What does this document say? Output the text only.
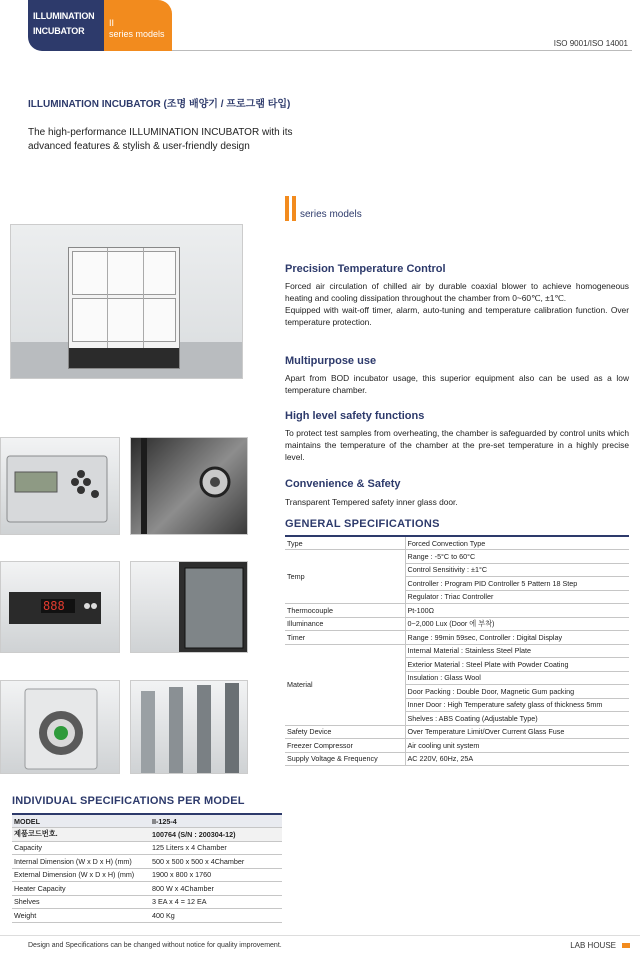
ILLUMINATION
INCUBATOR
II
series models
ISO 9001/ISO 14001
ILLUMINATION INCUBATOR (조명 배양기 / 프로그램 타입)
The high-performance ILLUMINATION INCUBATOR with its
advanced features & stylish & user-friendly design
series models
888
Precision Temperature Control
Forced air circulation of chilled air by durable coaxial blower to achieve homogeneous heating and cooling dissipation throughout the chamber from 0~60℃, ±1℃.
Equipped with wait-off timer, alarm, auto-tuning and temperature calibration function. Over temperature protection.
Multipurpose use
Apart from BOD incubator usage, this superior equipment also can be used as a low temperature chamber.
High level safety functions
To protect test samples from overheating, the chamber is safeguarded by control units which maintains the temperature of the chamber at the pre-set temperature in a highly precise level.
Convenience & Safety
Transparent Tempered safety inner glass door.
GENERAL SPECIFICATIONS
Type	Forced Convection Type
Temp	Range : -5°C to 60°C
	Control Sensitivity : ±1°C
	Controller : Program PID Controller 5 Pattern 18 Step
	Regulator : Triac Controller
Thermocouple	Pt-100Ω
Illuminance	0~2,000 Lux (Door 에 부착)
Timer	Range : 99min 59sec, Controller : Digital Display
Material	Internal Material : Stainless Steel Plate
	Exterior Material : Steel Plate with Powder Coating
	Insulation : Glass Wool
	Door Packing : Double Door, Magnetic Gum packing
	Inner Door : High Temperature safety glass of thickness 5mm
	Shelves : ABS Coating (Adjustable Type)
Safety Device	Over Temperature Limit/Over Current Glass Fuse
Freezer Compressor	Air cooling unit system
Supply Voltage & Frequency	AC 220V, 60Hz, 25A
INDIVIDUAL SPECIFICATIONS PER MODEL
MODEL	II-125-4
제품코드번호.	100764 (S/N : 200304-12)
Capacity	125 Liters x 4 Chamber
Internal Dimension (W x D x H) (mm)	500 x 500 x 500 x 4Chamber
External Dimension (W x D x H) (mm)	1900 x 800 x 1760
Heater Capacity	800 W x 4Chamber
Shelves	3 EA x 4 = 12 EA
Weight	400 Kg
Design and Specifications can be changed without notice for quality improvement.	LAB HOUSE
